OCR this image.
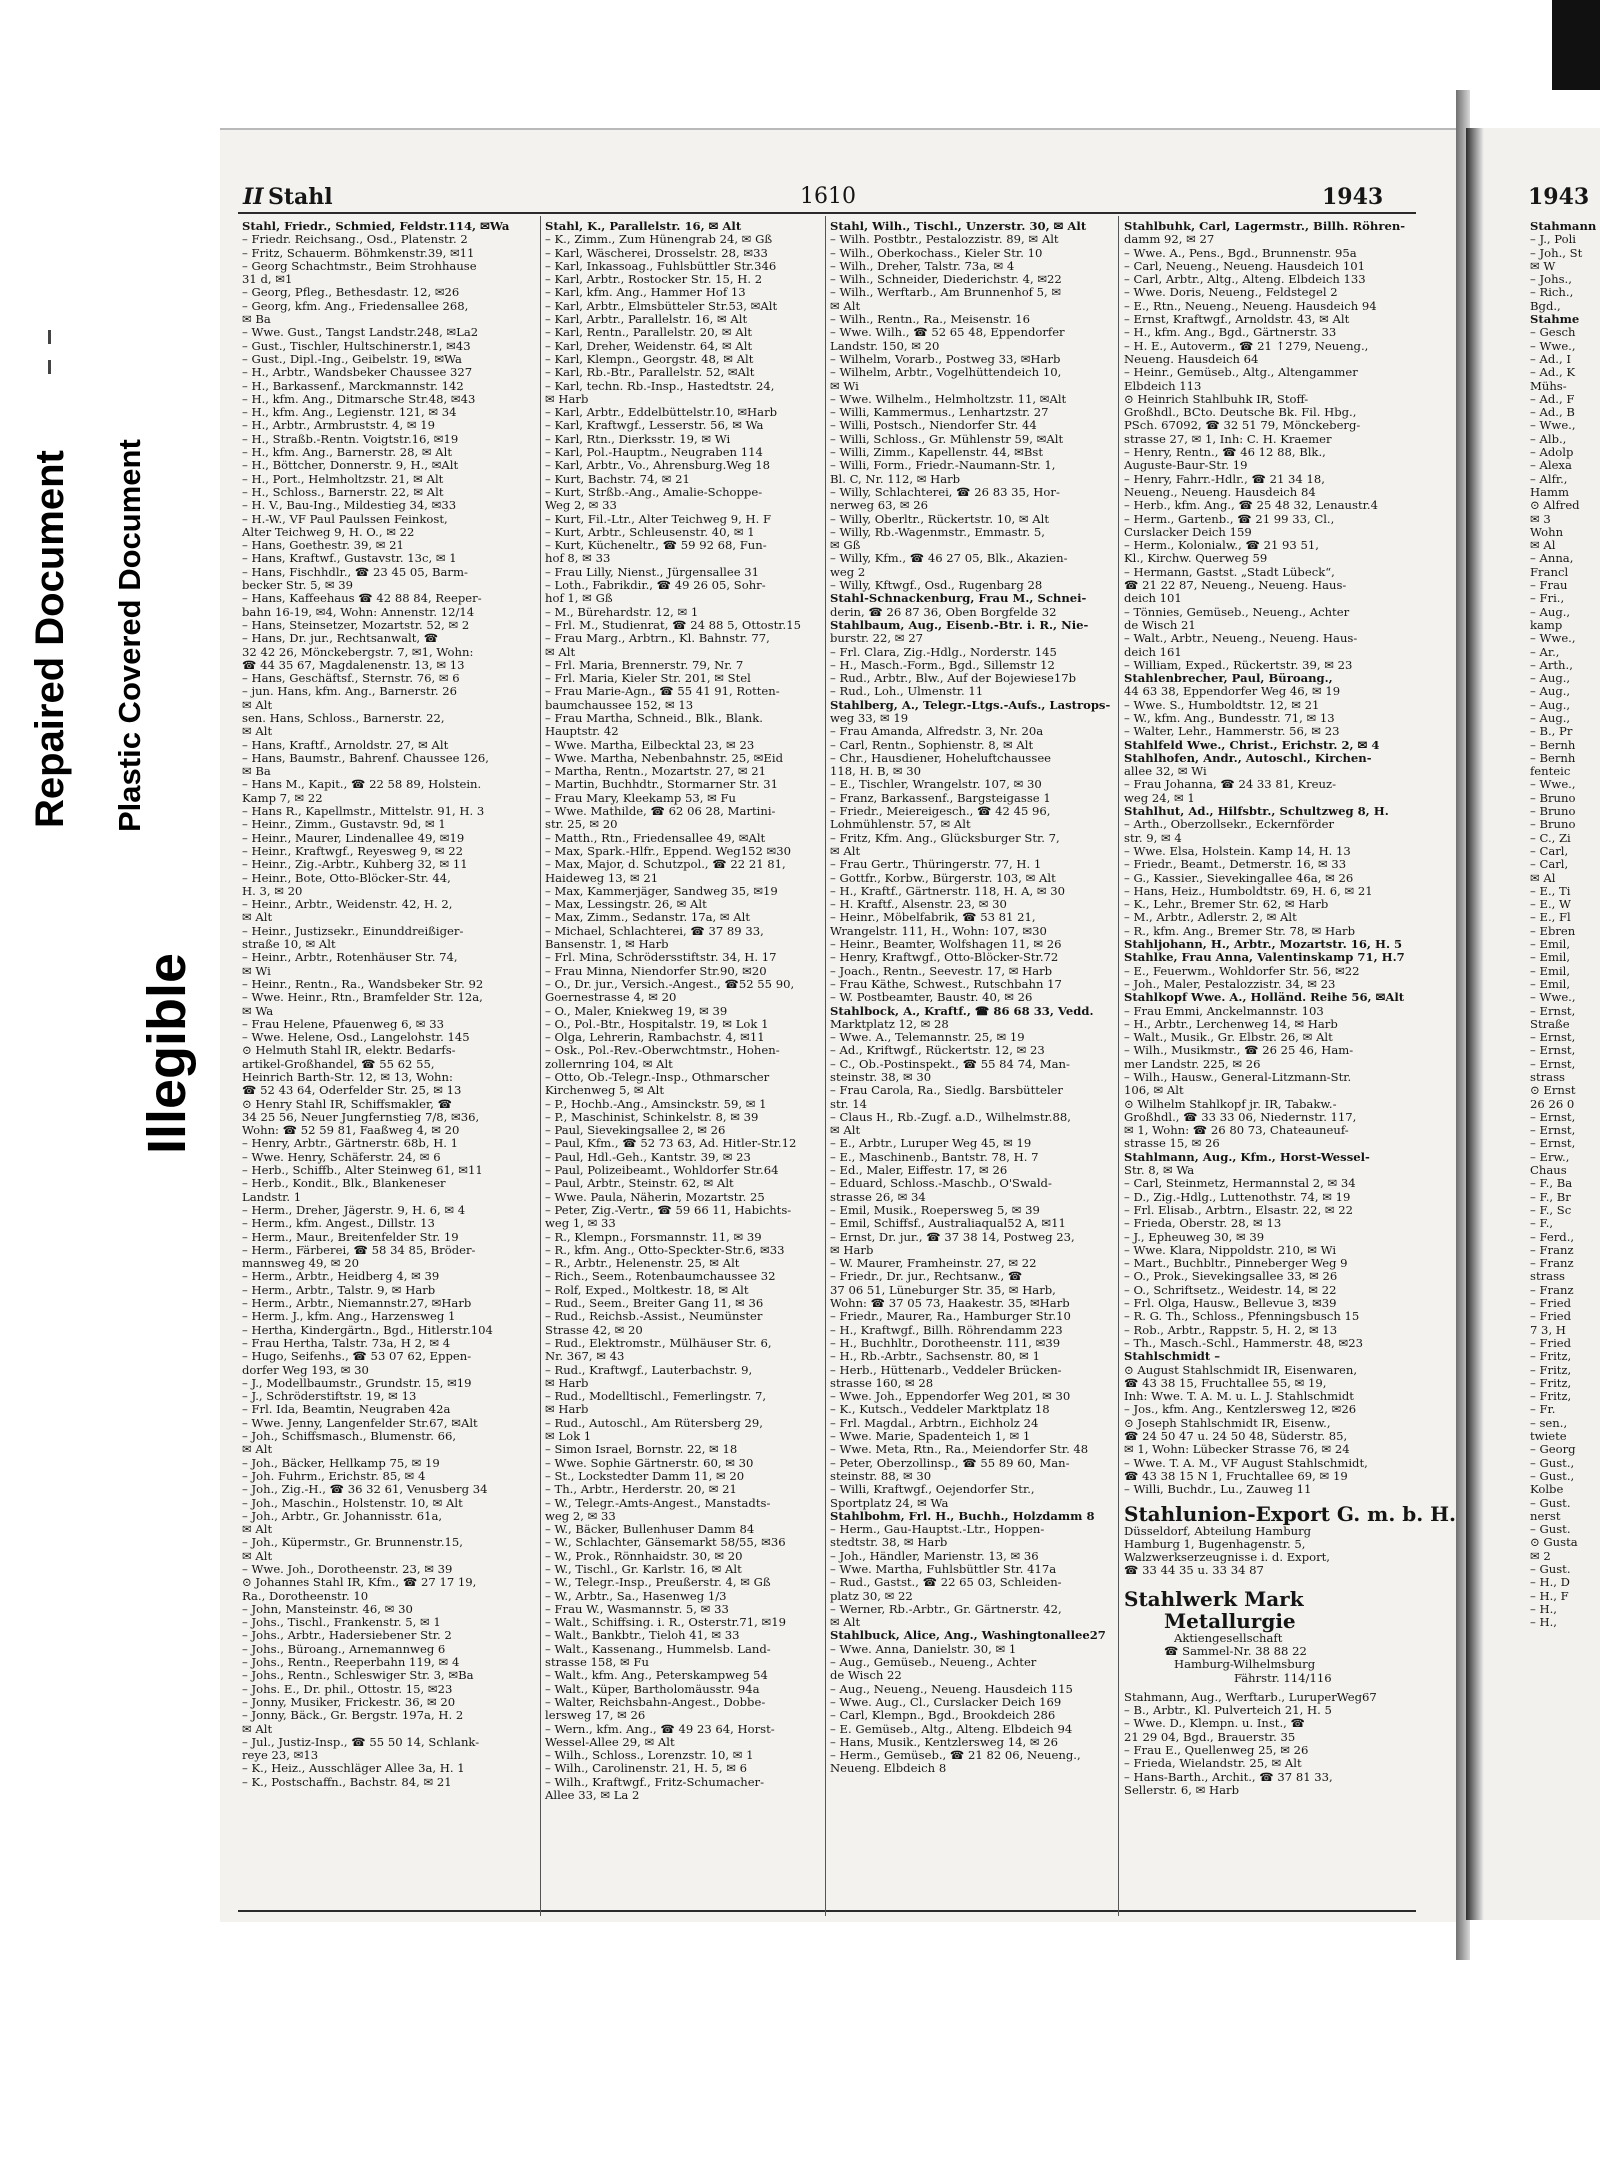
Repaired Document Plastic Covered Document
Illegible
II Stahl	1610	1943	1943
Stahl, Friedr., Schmied, Feldstr.114, ✉Wa
– Friedr. Reichsang., Osd., Platenstr. 2
– Fritz, Schauerm. Böhmkenstr.39, ✉11
– Georg Schachtmstr., Beim Strohhause
31 d, ✉1
– Georg, Pfleg., Bethesdastr. 12, ✉26
– Georg, kfm. Ang., Friedensallee 268,
✉ Ba
– Wwe. Gust., Tangst Landstr.248, ✉La2
– Gust., Tischler, Hultschinerstr.1, ✉43
– Gust., Dipl.-Ing., Geibelstr. 19, ✉Wa
– H., Arbtr., Wandsbeker Chaussee 327
– H., Barkassenf., Marckmannstr. 142
– H., kfm. Ang., Ditmarsche Str.48, ✉43
– H., kfm. Ang., Legienstr. 121, ✉ 34
– H., Arbtr., Armbruststr. 4, ✉ 19
– H., Straßb.-Rentn. Voigtstr.16, ✉19
– H., kfm. Ang., Barnerstr. 28, ✉ Alt
– H., Böttcher, Donnerstr. 9, H., ✉Alt
– H., Port., Helmholtzstr. 21, ✉ Alt
– H., Schloss., Barnerstr. 22, ✉ Alt
– H. V., Bau-Ing., Mildestieg 34, ✉33
– H.-W., VF Paul Paulssen Feinkost,
Alter Teichweg 9, H. O., ✉ 22
– Hans, Goethestr. 39, ✉ 21
– Hans, Kraftwf., Gustavstr. 13c, ✉ 1
– Hans, Fischhdlr., ☎ 23 45 05, Barm-
becker Str. 5, ✉ 39
– Hans, Kaffeehaus ☎ 42 88 84, Reeper-
bahn 16-19, ✉4, Wohn: Annenstr. 12/14
– Hans, Steinsetzer, Mozartstr. 52, ✉ 2
– Hans, Dr. jur., Rechtsanwalt, ☎
32 42 26, Mönckebergstr. 7, ✉1, Wohn:
☎ 44 35 67, Magdalenenstr. 13, ✉ 13
– Hans, Geschäftsf., Sternstr. 76, ✉ 6
– jun. Hans, kfm. Ang., Barnerstr. 26
✉ Alt
sen. Hans, Schloss., Barnerstr. 22,
✉ Alt
– Hans, Kraftf., Arnoldstr. 27, ✉ Alt
– Hans, Baumstr., Bahrenf. Chaussee 126,
✉ Ba
– Hans M., Kapit., ☎ 22 58 89, Holstein.
Kamp 7, ✉ 22
– Hans R., Kapellmstr., Mittelstr. 91, H. 3
– Heinr., Zimm., Gustavstr. 9d, ✉ 1
– Heinr., Maurer, Lindenallee 49, ✉19
– Heinr., Kraftwgf., Reyesweg 9, ✉ 22
– Heinr., Zig.-Arbtr., Kuhberg 32, ✉ 11
– Heinr., Bote, Otto-Blöcker-Str. 44,
H. 3, ✉ 20
– Heinr., Arbtr., Weidenstr. 42, H. 2,
✉ Alt
– Heinr., Justizsekr., Einunddreißiger-
straße 10, ✉ Alt
– Heinr., Arbtr., Rotenhäuser Str. 74,
✉ Wi
– Heinr., Rentn., Ra., Wandsbeker Str. 92
– Wwe. Heinr., Rtn., Bramfelder Str. 12a,
✉ Wa
– Frau Helene, Pfauenweg 6, ✉ 33
– Wwe. Helene, Osd., Langelohstr. 145
⊙ Helmuth Stahl IR, elektr. Bedarfs-
artikel-Großhandel, ☎ 55 62 55,
Heinrich Barth-Str. 12, ✉ 13, Wohn:
☎ 52 43 64, Oderfelder Str. 25, ✉ 13
⊙ Henry Stahl IR, Schiffsmakler, ☎
34 25 56, Neuer Jungfernstieg 7/8, ✉36,
Wohn: ☎ 52 59 81, Faaßweg 4, ✉ 20
– Henry, Arbtr., Gärtnerstr. 68b, H. 1
– Wwe. Henry, Schäferstr. 24, ✉ 6
– Herb., Schiffb., Alter Steinweg 61, ✉11
– Herb., Kondit., Blk., Blankeneser
Landstr. 1
– Herm., Dreher, Jägerstr. 9, H. 6, ✉ 4
– Herm., kfm. Angest., Dillstr. 13
– Herm., Maur., Breitenfelder Str. 19
– Herm., Färberei, ☎ 58 34 85, Bröder-
mannsweg 49, ✉ 20
– Herm., Arbtr., Heidberg 4, ✉ 39
– Herm., Arbtr., Talstr. 9, ✉ Harb
– Herm., Arbtr., Niemannstr.27, ✉Harb
– Herm. J., kfm. Ang., Harzensweg 1
– Hertha, Kindergärtn., Bgd., Hitlerstr.104
– Frau Hertha, Talstr. 73a, H 2, ✉ 4
– Hugo, Seifenhs., ☎ 53 07 62, Eppen-
dorfer Weg 193, ✉ 30
– J., Modellbaumstr., Grundstr. 15, ✉19
– J., Schröderstiftstr. 19, ✉ 13
– Frl. Ida, Beamtin, Neugraben 42a
– Wwe. Jenny, Langenfelder Str.67, ✉Alt
– Joh., Schiffsmasch., Blumenstr. 66,
✉ Alt
– Joh., Bäcker, Hellkamp 75, ✉ 19
– Joh. Fuhrm., Erichstr. 85, ✉ 4
– Joh., Zig.-H., ☎ 36 32 61, Venusberg 34
– Joh., Maschin., Holstenstr. 10, ✉ Alt
– Joh., Arbtr., Gr. Johannisstr. 61a,
✉ Alt
– Joh., Küpermstr., Gr. Brunnenstr.15,
✉ Alt
– Wwe. Joh., Dorotheenstr. 23, ✉ 39
⊙ Johannes Stahl IR, Kfm., ☎ 27 17 19,
Ra., Dorotheenstr. 10
– John, Mansteinstr. 46, ✉ 30
– Johs., Tischl., Frankenstr. 5, ✉ 1
– Johs., Arbtr., Hadersiebener Str. 2
– Johs., Büroang., Arnemannweg 6
– Johs., Rentn., Reeperbahn 119, ✉ 4
– Johs., Rentn., Schleswiger Str. 3, ✉Ba
– Johs. E., Dr. phil., Ottostr. 15, ✉23
– Jonny, Musiker, Frickestr. 36, ✉ 20
– Jonny, Bäck., Gr. Bergstr. 197a, H. 2
✉ Alt
– Jul., Justiz-Insp., ☎ 55 50 14, Schlank-
reye 23, ✉13
– K., Heiz., Ausschläger Allee 3a, H. 1
– K., Postschaffn., Bachstr. 84, ✉ 21
Stahl, K., Parallelstr. 16, ✉ Alt
– K., Zimm., Zum Hünengrab 24, ✉ Gß
– Karl, Wäscherei, Drosselstr. 28, ✉33
– Karl, Inkassoag., Fuhlsbüttler Str.346
– Karl, Arbtr., Rostocker Str. 15, H. 2
– Karl, kfm. Ang., Hammer Hof 13
– Karl, Arbtr., Elmsbütteler Str.53, ✉Alt
– Karl, Arbtr., Parallelstr. 16, ✉ Alt
– Karl, Rentn., Parallelstr. 20, ✉ Alt
– Karl, Dreher, Weidenstr. 64, ✉ Alt
– Karl, Klempn., Georgstr. 48, ✉ Alt
– Karl, Rb.-Btr., Parallelstr. 52, ✉Alt
– Karl, techn. Rb.-Insp., Hastedtstr. 24,
✉ Harb
– Karl, Arbtr., Eddelbüttelstr.10, ✉Harb
– Karl, Kraftwgf., Lesserstr. 56, ✉ Wa
– Karl, Rtn., Dierksstr. 19, ✉ Wi
– Karl, Pol.-Hauptm., Neugraben 114
– Karl, Arbtr., Vo., Ahrensburg.Weg 18
– Kurt, Bachstr. 74, ✉ 21
– Kurt, Strßb.-Ang., Amalie-Schoppe-
Weg 2, ✉ 33
– Kurt, Fil.-Ltr., Alter Teichweg 9, H. F
– Kurt, Arbtr., Schleusenstr. 40, ✉ 1
– Kurt, Kücheneltr., ☎ 59 92 68, Fun-
hof 8, ✉ 33
– Frau Lilly, Nienst., Jürgensallee 31
– Loth., Fabrikdir., ☎ 49 26 05, Sohr-
hof 1, ✉ Gß
– M., Bürehardstr. 12, ✉ 1
– Frl. M., Studienrat, ☎ 24 88 5, Ottostr.15
– Frau Marg., Arbtrn., Kl. Bahnstr. 77,
✉ Alt
– Frl. Maria, Brennerstr. 79, Nr. 7
– Frl. Maria, Kieler Str. 201, ✉ Stel
– Frau Marie-Agn., ☎ 55 41 91, Rotten-
baumchaussee 152, ✉ 13
– Frau Martha, Schneid., Blk., Blank.
Hauptstr. 42
– Wwe. Martha, Eilbecktal 23, ✉ 23
– Wwe. Martha, Nebenbahnstr. 25, ✉Eid
– Martha, Rentn., Mozartstr. 27, ✉ 21
– Martin, Buchhdtr., Stormarner Str. 31
– Frau Mary, Kleekamp 53, ✉ Fu
– Wwe. Mathilde, ☎ 62 06 28, Martini-
str. 25, ✉ 20
– Matth., Rtn., Friedensallee 49, ✉Alt
– Max, Spark.-Hlfr., Eppend. Weg152 ✉30
– Max, Major, d. Schutzpol., ☎ 22 21 81,
Haideweg 13, ✉ 21
– Max, Kammerjäger, Sandweg 35, ✉19
– Max, Lessingstr. 26, ✉ Alt
– Max, Zimm., Sedanstr. 17a, ✉ Alt
– Michael, Schlachterei, ☎ 37 89 33,
Bansenstr. 1, ✉ Harb
– Frl. Mina, Schrödersstiftstr. 34, H. 17
– Frau Minna, Niendorfer Str.90, ✉20
– O., Dr. jur., Versich.-Angest., ☎52 55 90,
Goernestrasse 4, ✉ 20
– O., Maler, Kniekweg 19, ✉ 39
– O., Pol.-Btr., Hospitalstr. 19, ✉ Lok 1
– Olga, Lehrerin, Rambachstr. 4, ✉11
– Osk., Pol.-Rev.-Oberwchtmstr., Hohen-
zollernring 104, ✉ Alt
– Otto, Ob.-Telegr.-Insp., Othmarscher
Kirchenweg 5, ✉ Alt
– P., Hochb.-Ang., Amsinckstr. 59, ✉ 1
– P., Maschinist, Schinkelstr. 8, ✉ 39
– Paul, Sievekingsallee 2, ✉ 26
– Paul, Kfm., ☎ 52 73 63, Ad. Hitler-Str.12
– Paul, Hdl.-Geh., Kantstr. 39, ✉ 23
– Paul, Polizeibeamt., Wohldorfer Str.64
– Paul, Arbtr., Steinstr. 62, ✉ Alt
– Wwe. Paula, Näherin, Mozartstr. 25
– Peter, Zig.-Vertr., ☎ 59 66 11, Habichts-
weg 1, ✉ 33
– R., Klempn., Forsmannstr. 11, ✉ 39
– R., kfm. Ang., Otto-Speckter-Str.6, ✉33
– R., Arbtr., Helenenstr. 25, ✉ Alt
– Rich., Seem., Rotenbaumchaussee 32
– Rolf, Exped., Moltkestr. 18, ✉ Alt
– Rud., Seem., Breiter Gang 11, ✉ 36
– Rud., Reichsb.-Assist., Neumünster
Strasse 42, ✉ 20
– Rud., Elektromstr., Mülhäuser Str. 6,
Nr. 367, ✉ 43
– Rud., Kraftwgf., Lauterbachstr. 9,
✉ Harb
– Rud., Modelltischl., Femerlingstr. 7,
✉ Harb
– Rud., Autoschl., Am Rütersberg 29,
✉ Lok 1
– Simon Israel, Bornstr. 22, ✉ 18
– Wwe. Sophie Gärtnerstr. 60, ✉ 30
– St., Lockstedter Damm 11, ✉ 20
– Th., Arbtr., Herderstr. 20, ✉ 21
– W., Telegr.-Amts-Angest., Manstadts-
weg 2, ✉ 33
– W., Bäcker, Bullenhuser Damm 84
– W., Schlachter, Gänsemarkt 58/55, ✉36
– W., Prok., Rönnhaidstr. 30, ✉ 20
– W., Tischl., Gr. Karlstr. 16, ✉ Alt
– W., Telegr.-Insp., Preußerstr. 4, ✉ Gß
– W., Arbtr., Sa., Hasenweg 1/3
– Frau W., Wasmannstr. 5, ✉ 33
– Walt., Schiffsing. i. R., Osterstr.71, ✉19
– Walt., Bankbtr., Tieloh 41, ✉ 33
– Walt., Kassenang., Hummelsb. Land-
strasse 158, ✉ Fu
– Walt., kfm. Ang., Peterskampweg 54
– Walt., Küper, Bartholomäusstr. 94a
– Walter, Reichsbahn-Angest., Dobbe-
lersweg 17, ✉ 26
– Wern., kfm. Ang., ☎ 49 23 64, Horst-
Wessel-Allee 29, ✉ Alt
– Wilh., Schloss., Lorenzstr. 10, ✉ 1
– Wilh., Carolinenstr. 21, H. 5, ✉ 6
– Wilh., Kraftwgf., Fritz-Schumacher-
Allee 33, ✉ La 2
Stahl, Wilh., Tischl., Unzerstr. 30, ✉ Alt
– Wilh. Postbtr., Pestalozzistr. 89, ✉ Alt
– Wilh., Oberkochass., Kieler Str. 10
– Wilh., Dreher, Talstr. 73a, ✉ 4
– Wilh., Schneider, Diederichstr. 4, ✉22
– Wilh., Werftarb., Am Brunnenhof 5, ✉
✉ Alt
– Wilh., Rentn., Ra., Meisenstr. 16
– Wwe. Wilh., ☎ 52 65 48, Eppendorfer
Landstr. 150, ✉ 20
– Wilhelm, Vorarb., Postweg 33, ✉Harb
– Wilhelm, Arbtr., Vogelhüttendeich 10,
✉ Wi
– Wwe. Wilhelm., Helmholtzstr. 11, ✉Alt
– Willi, Kammermus., Lenhartzstr. 27
– Willi, Postsch., Niendorfer Str. 44
– Willi, Schloss., Gr. Mühlenstr 59, ✉Alt
– Willi, Zimm., Kapellenstr. 44, ✉Bst
– Willi, Form., Friedr.-Naumann-Str. 1,
Bl. C, Nr. 112, ✉ Harb
– Willy, Schlachterei, ☎ 26 83 35, Hor-
nerweg 63, ✉ 26
– Willy, Oberltr., Rückertstr. 10, ✉ Alt
– Willy, Rb.-Wagenmstr., Emmastr. 5,
✉ Gß
– Willy, Kfm., ☎ 46 27 05, Blk., Akazien-
weg 2
– Willy, Kftwgf., Osd., Rugenbarg 28
Stahl-Schnackenburg, Frau M., Schnei-
derin, ☎ 26 87 36, Oben Borgfelde 32
Stahlbaum, Aug., Eisenb.-Btr. i. R., Nie-
burstr. 22, ✉ 27
– Frl. Clara, Zig.-Hdlg., Norderstr. 145
– H., Masch.-Form., Bgd., Sillemstr 12
– Rud., Arbtr., Blw., Auf der Bojewiese17b
– Rud., Loh., Ulmenstr. 11
Stahlberg, A., Telegr.-Ltgs.-Aufs., Lastrops-
weg 33, ✉ 19
– Frau Amanda, Alfredstr. 3, Nr. 20a
– Carl, Rentn., Sophienstr. 8, ✉ Alt
– Chr., Hausdiener, Hoheluftchaussee
118, H. B, ✉ 30
– E., Tischler, Wrangelstr. 107, ✉ 30
– Franz, Barkassenf., Bargsteigasse 1
– Friedr., Meiereigesch., ☎ 42 45 96,
Lohmühlenstr. 57, ✉ Alt
– Fritz, Kfm. Ang., Glücksburger Str. 7,
✉ Alt
– Frau Gertr., Thüringerstr. 77, H. 1
– Gottfr., Korbw., Bürgerstr. 103, ✉ Alt
– H., Kraftf., Gärtnerstr. 118, H. A, ✉ 30
– H. Kraftf., Alsenstr. 23, ✉ 30
– Heinr., Möbelfabrik, ☎ 53 81 21,
Wrangelstr. 111, H., Wohn: 107, ✉30
– Heinr., Beamter, Wolfshagen 11, ✉ 26
– Henry, Kraftwgf., Otto-Blöcker-Str.72
– Joach., Rentn., Seevestr. 17, ✉ Harb
– Frau Käthe, Schwest., Rutschbahn 17
– W. Postbeamter, Baustr. 40, ✉ 26
Stahlbock, A., Kraftf., ☎ 86 68 33, Vedd.
Marktplatz 12, ✉ 28
– Wwe. A., Telemannstr. 25, ✉ 19
– Ad., Kriftwgf., Rückertstr. 12, ✉ 23
– C., Ob.-Postinspekt., ☎ 55 84 74, Man-
steinstr. 38, ✉ 30
– Frau Carola, Ra., Siedlg. Barsbütteler
str. 14
– Claus H., Rb.-Zugf. a.D., Wilhelmstr.88,
✉ Alt
– E., Arbtr., Luruper Weg 45, ✉ 19
– E., Maschinenb., Bantstr. 78, H. 7
– Ed., Maler, Eiffestr. 17, ✉ 26
– Eduard, Schloss.-Maschb., O'Swald-
strasse 26, ✉ 34
– Emil, Musik., Roepersweg 5, ✉ 39
– Emil, Schiffsf., Australiaqual52 A, ✉11
– Ernst, Dr. jur., ☎ 37 38 14, Postweg 23,
✉ Harb
– W. Maurer, Framheinstr. 27, ✉ 22
– Friedr., Dr. jur., Rechtsanw., ☎
37 06 51, Lüneburger Str. 35, ✉ Harb,
Wohn: ☎ 37 05 73, Haakestr. 35, ✉Harb
– Friedr., Maurer, Ra., Hamburger Str.10
– H., Kraftwgf., Billh. Röhrendamm 223
– H., Buchhltr., Dorotheenstr. 111, ✉39
– H., Rb.-Arbtr., Sachsenstr. 80, ✉ 1
– Herb., Hüttenarb., Veddeler Brücken-
strasse 160, ✉ 28
– Wwe. Joh., Eppendorfer Weg 201, ✉ 30
– K., Kutsch., Veddeler Marktplatz 18
– Frl. Magdal., Arbtrn., Eichholz 24
– Wwe. Marie, Spadenteich 1, ✉ 1
– Wwe. Meta, Rtn., Ra., Meiendorfer Str. 48
– Peter, Oberzollinsp., ☎ 55 89 60, Man-
steinstr. 88, ✉ 30
– Willi, Kraftwgf., Oejendorfer Str.,
Sportplatz 24, ✉ Wa
Stahlbohm, Frl. H., Buchh., Holzdamm 8
– Herm., Gau-Hauptst.-Ltr., Hoppen-
stedtstr. 38, ✉ Harb
– Joh., Händler, Marienstr. 13, ✉ 36
– Wwe. Martha, Fuhlsbüttler Str. 417a
– Rud., Gastst., ☎ 22 65 03, Schleiden-
platz 30, ✉ 22
– Werner, Rb.-Arbtr., Gr. Gärtnerstr. 42,
✉ Alt
Stahlbuck, Alice, Ang., Washingtonallee27
– Wwe. Anna, Danielstr. 30, ✉ 1
– Aug., Gemüseb., Neueng., Achter
de Wisch 22
– Aug., Neueng., Neueng. Hausdeich 115
– Wwe. Aug., Cl., Curslacker Deich 169
– Carl, Klempn., Bgd., Brookdeich 286
– E. Gemüseb., Altg., Alteng. Elbdeich 94
– Hans, Musik., Kentzlersweg 14, ✉ 26
– Herm., Gemüseb., ☎ 21 82 06, Neueng.,
Neueng. Elbdeich 8
Stahlbuhk, Carl, Lagermstr., Billh. Röhren-
damm 92, ✉ 27
– Wwe. A., Pens., Bgd., Brunnenstr. 95a
– Carl, Neueng., Neueng. Hausdeich 101
– Carl, Arbtr., Altg., Alteng. Elbdeich 133
– Wwe. Doris, Neueng., Feldstegel 2
– E., Rtn., Neueng., Neueng. Hausdeich 94
– Ernst, Kraftwgf., Arnoldstr. 43, ✉ Alt
– H., kfm. Ang., Bgd., Gärtnerstr. 33
– H. E., Autoverm., ☎ 21 ↑279, Neueng.,
Neueng. Hausdeich 64
– Heinr., Gemüseb., Altg., Altengammer
Elbdeich 113
⊙ Heinrich Stahlbuhk IR, Stoff-
Großhdl., BCto. Deutsche Bk. Fil. Hbg.,
PSch. 67092, ☎ 32 51 79, Mönckeberg-
strasse 27, ✉ 1, Inh: C. H. Kraemer
– Henry, Rentn., ☎ 46 12 88, Blk.,
Auguste-Baur-Str. 19
– Henry, Fahrr.-Hdlr., ☎ 21 34 18,
Neueng., Neueng. Hausdeich 84
– Herb., kfm. Ang., ☎ 25 48 32, Lenaustr.4
– Herm., Gartenb., ☎ 21 99 33, Cl.,
Curslacker Deich 159
– Herm., Kolonialw., ☎ 21 93 51,
Kl., Kirchw. Querweg 59
– Hermann, Gastst. „Stadt Lübeck“,
☎ 21 22 87, Neueng., Neueng. Haus-
deich 101
– Tönnies, Gemüseb., Neueng., Achter
de Wisch 21
– Walt., Arbtr., Neueng., Neueng. Haus-
deich 161
– William, Exped., Rückertstr. 39, ✉ 23
Stahlenbrecher, Paul, Büroang.,
44 63 38, Eppendorfer Weg 46, ✉ 19
– Wwe. S., Humboldtstr. 12, ✉ 21
– W., kfm. Ang., Bundesstr. 71, ✉ 13
– Walter, Lehr., Hammerstr. 56, ✉ 23
Stahlfeld Wwe., Christ., Erichstr. 2, ✉ 4
Stahlhofen, Andr., Autoschl., Kirchen-
allee 32, ✉ Wi
– Frau Johanna, ☎ 24 33 81, Kreuz-
weg 24, ✉ 1
Stahlhut, Ad., Hilfsbtr., Schultzweg 8, H.
– Arth., Oberzollsekr., Eckernförder
str. 9, ✉ 4
– Wwe. Elsa, Holstein. Kamp 14, H. 13
– Friedr., Beamt., Detmerstr. 16, ✉ 33
– G., Kassier., Sievekingallee 46a, ✉ 26
– Hans, Heiz., Humboldtstr. 69, H. 6, ✉ 21
– K., Lehr., Bremer Str. 62, ✉ Harb
– M., Arbtr., Adlerstr. 2, ✉ Alt
– R., kfm. Ang., Bremer Str. 78, ✉ Harb
Stahljohann, H., Arbtr., Mozartstr. 16, H. 5
Stahlke, Frau Anna, Valentinskamp 71, H.7
– E., Feuerwm., Wohldorfer Str. 56, ✉22
– Joh., Maler, Pestalozzistr. 34, ✉ 23
Stahlkopf Wwe. A., Holländ. Reihe 56, ✉Alt
– Frau Emmi, Anckelmannstr. 103
– H., Arbtr., Lerchenweg 14, ✉ Harb
– Walt., Musik., Gr. Elbstr. 26, ✉ Alt
– Wilh., Musikmstr., ☎ 26 25 46, Ham-
mer Landstr. 225, ✉ 26
– Wilh., Hausw., General-Litzmann-Str.
106, ✉ Alt
⊙ Wilhelm Stahlkopf jr. IR, Tabakw.-
Großhdl., ☎ 33 33 06, Niedernstr. 117,
✉ 1, Wohn: ☎ 26 80 73, Chateauneuf-
strasse 15, ✉ 26
Stahlmann, Aug., Kfm., Horst-Wessel-
Str. 8, ✉ Wa
– Carl, Steinmetz, Hermannstal 2, ✉ 34
– D., Zig.-Hdlg., Luttenothstr. 74, ✉ 19
– Frl. Elisab., Arbtrn., Elsastr. 22, ✉ 22
– Frieda, Oberstr. 28, ✉ 13
– J., Epheuweg 30, ✉ 39
– Wwe. Klara, Nippoldstr. 210, ✉ Wi
– Mart., Buchbltr., Pinneberger Weg 9
– O., Prok., Sievekingsallee 33, ✉ 26
– O., Schriftsetz., Weidestr. 14, ✉ 22
– Frl. Olga, Hausw., Bellevue 3, ✉39
– R. G. Th., Schloss., Pfenningsbusch 15
– Rob., Arbtr., Rappstr. 5, H. 2, ✉ 13
– Th., Masch.-Schl., Hammerstr. 48, ✉23
Stahlschmidt –
⊙ August Stahlschmidt IR, Eisenwaren,
☎ 43 38 15, Fruchtallee 55, ✉ 19,
Inh: Wwe. T. A. M. u. L. J. Stahlschmidt
– Jos., kfm. Ang., Kentzlersweg 12, ✉26
⊙ Joseph Stahlschmidt IR, Eisenw.,
☎ 24 50 47 u. 24 50 48, Süderstr. 85,
✉ 1, Wohn: Lübecker Strasse 76, ✉ 24
– Wwe. T. A. M., VF August Stahlschmidt,
☎ 43 38 15 N 1, Fruchtallee 69, ✉ 19
– Willi, Buchdr., Lu., Zauweg 11
Stahlunion-Export G. m. b. H.
Düsseldorf, Abteilung Hamburg
Hamburg 1, Bugenhagenstr. 5,
Walzwerkserzeugnisse i. d. Export,
☎ 33 44 35 u. 33 34 87
Stahlwerk Mark
Metallurgie
Aktiengesellschaft
☎ Sammel-Nr. 38 88 22
Hamburg-Wilhelmsburg
Fährstr. 114/116
Stahmann, Aug., Werftarb., LuruperWeg67
– B., Arbtr., Kl. Pulverteich 21, H. 5
– Wwe. D., Klempn. u. Inst., ☎
21 29 04, Bgd., Brauerstr. 35
– Frau E., Quellenweg 25, ✉ 26
– Frieda, Wielandstr. 25, ✉ Alt
– Hans-Barth., Archit., ☎ 37 81 33,
Sellerstr. 6, ✉ Harb
Stahmann
– J., Poli
– Joh., St
✉ W
– Johs.,
– Rich.,
Bgd.,
Stahme
– Gesch
– Wwe.,
– Ad., I
– Ad., K
Mühs-
– Ad., F
– Ad., B
– Wwe.,
– Alb.,
– Adolp
– Alexa
– Alfr.,
Hamm
⊙ Alfred
✉ 3
Wohn
✉ Al
– Anna,
Francl
– Frau
– Fri.,
– Aug.,
kamp
– Wwe.,
– Ar.,
– Arth.,
– Aug.,
– Aug.,
– Aug.,
– Aug.,
– B., Pr
– Bernh
– Bernh
fenteic
– Wwe.,
– Bruno
– Bruno
– Bruno
– C., Zi
– Carl,
– Carl,
✉ Al
– E., Ti
– E., W
– E., Fl
– Ebren
– Emil,
– Emil,
– Emil,
– Emil,
– Wwe.,
– Ernst,
Straße
– Ernst,
– Ernst,
– Ernst,
strass
⊙ Ernst
26 26 0
– Ernst,
– Ernst,
– Ernst,
– Erw.,
Chaus
– F., Ba
– F., Br
– F., Sc
– F.,
– Ferd.,
– Franz
– Franz
strass
– Franz
– Fried
– Fried
7 3, H
– Fried
– Fritz,
– Fritz,
– Fritz,
– Fritz,
– Fr.
– sen.,
twiete
– Georg
– Gust.,
– Gust.,
Kolbe
– Gust.
nerst
– Gust.
⊙ Gusta
✉ 2
– Gust.
– H., D
– H., F
– H.,
– H.,
